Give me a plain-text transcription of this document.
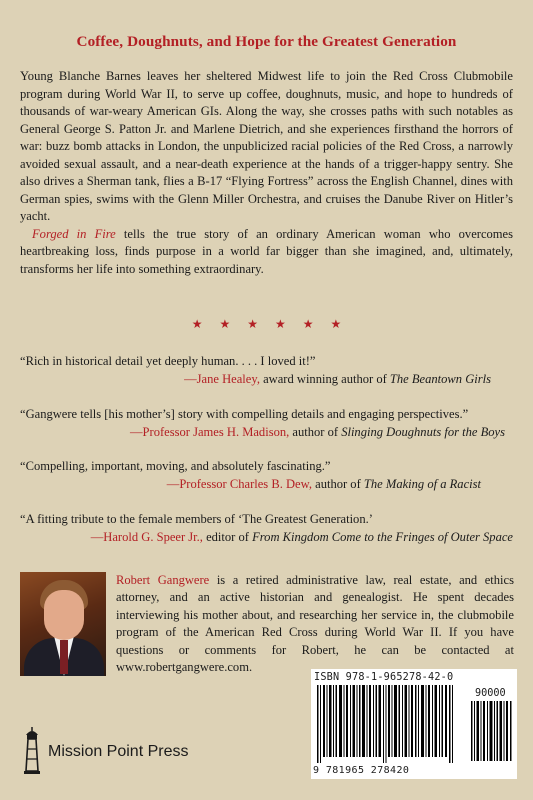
Coffee, Doughnuts, and Hope for the Greatest Generation

Young Blanche Barnes leaves her sheltered Midwest life to join the Red Cross Clubmobile program during World War II, to serve up coffee, doughnuts, music, and hope to hundreds of thousands of war-weary American GIs. Along the way, she crosses paths with such notables as General George S. Patton Jr. and Marlene Dietrich, and she experiences firsthand the horrors of war: buzz bomb attacks in London, the unpublicized racial policies of the Red Cross, a narrowly avoided sexual assault, and a near-death experience at the hands of a trigger-happy sentry. She also drives a Sherman tank, flies a B-17 “Flying Fortress” across the English Channel, dines with German spies, swims with the Glenn Miller Orchestra, and cruises the Danube River on Hitler’s yacht.

Forged in Fire tells the true story of an ordinary American woman who overcomes heartbreaking loss, finds purpose in a world far bigger than she imagined, and, ultimately, transforms her life into something extraordinary.

★★★★★★

“Rich in historical detail yet deeply human. . . . I loved it!”

—Jane Healey, award winning author of The Beantown Girls

“Gangwere tells [his mother’s] story with compelling details and engaging perspectives.”

—Professor James H. Madison, author of Slinging Doughnuts for the Boys

“Compelling, important, moving, and absolutely fascinating.”

—Professor Charles B. Dew, author of The Making of a Racist

“A fitting tribute to the female members of ‘The Greatest Generation.’

—Harold G. Speer Jr., editor of From Kingdom Come to the Fringes of Outer Space

Robert Gangwere is a retired administrative law, real estate, and ethics attorney, and an active historian and genealogist. He spent decades interviewing his mother about, and researching her service in, the clubmobile program of the American Red Cross during World War II. If you have questions or comments for Robert, he can be contacted at www.robertgangwere.com.

ISBN 978-1-965278-42-0
90000
9 781965 278420
Mission Point Press
